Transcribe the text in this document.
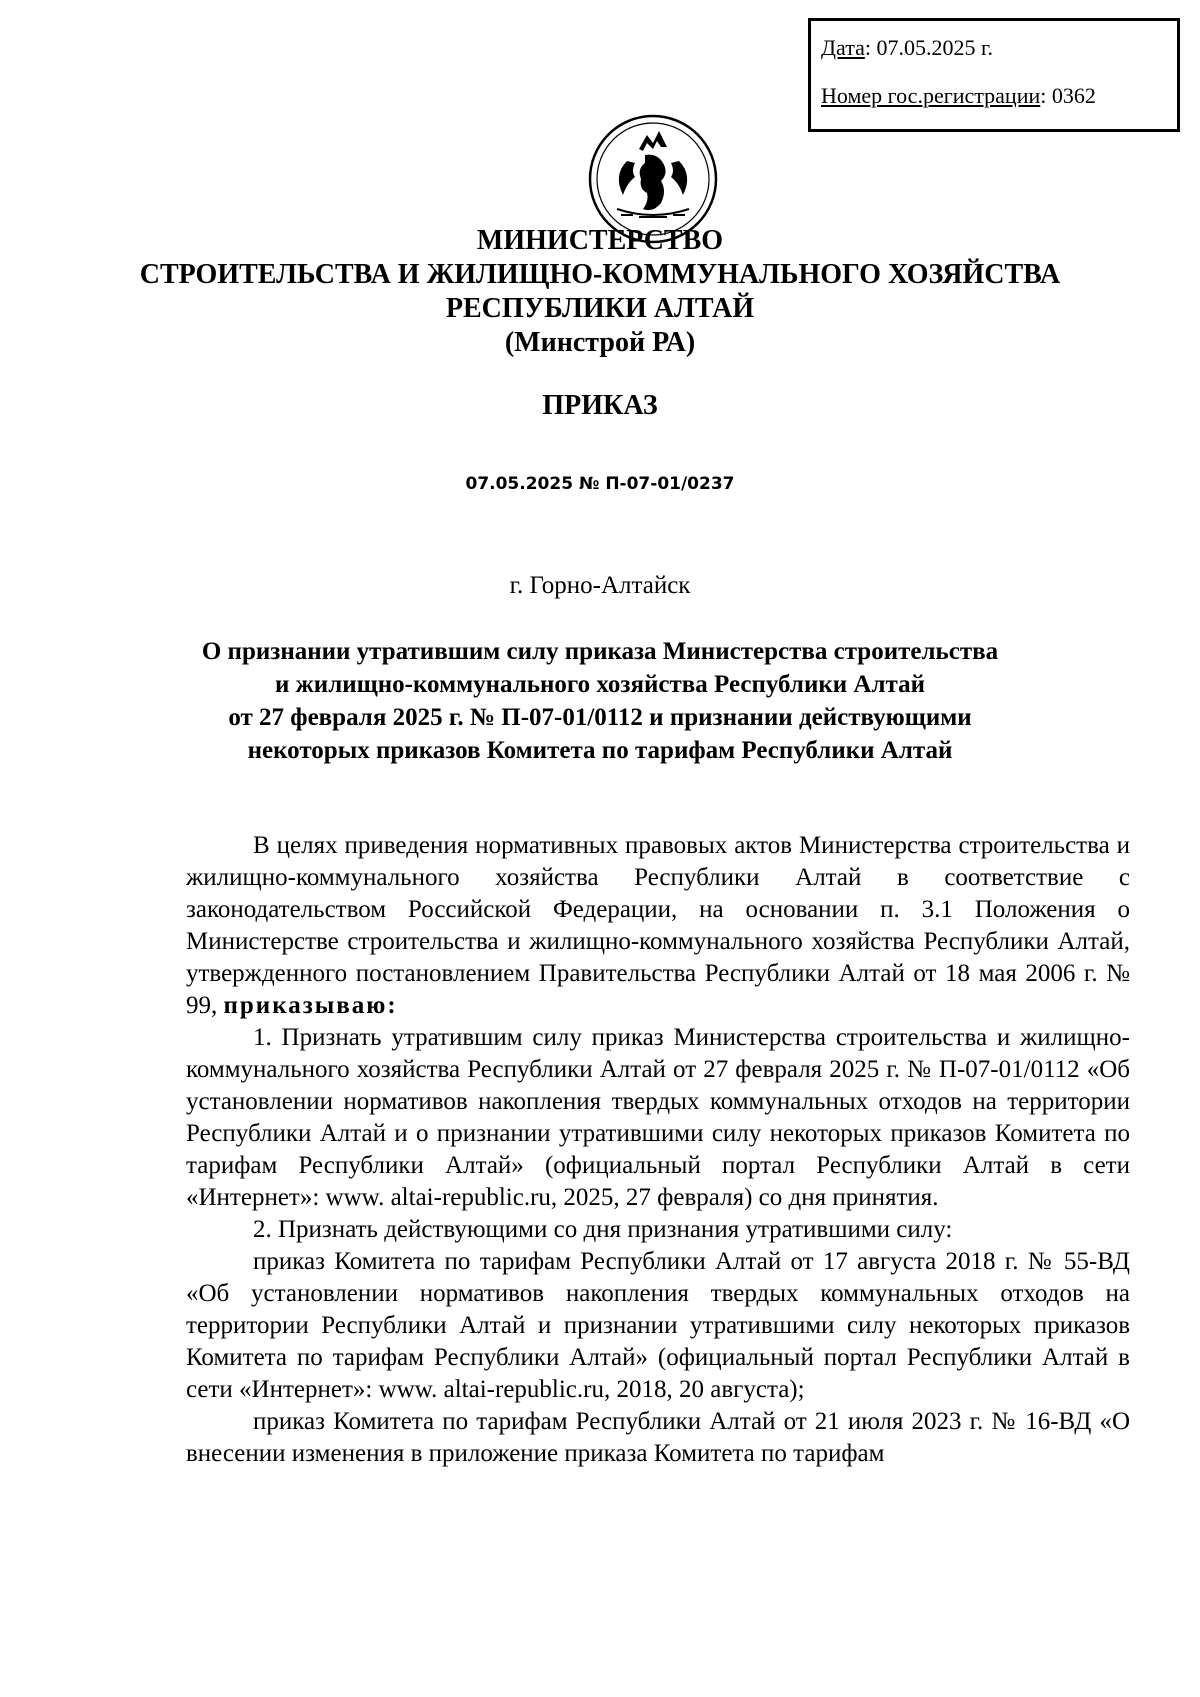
Дата: 07.05.2025 г.
Номер гос.регистрации: 0362
МИНИСТЕРСТВО
СТРОИТЕЛЬСТВА И ЖИЛИЩНО-КОММУНАЛЬНОГО ХОЗЯЙСТВА
РЕСПУБЛИКИ АЛТАЙ
(Минстрой РА)
ПРИКАЗ
07.05.2025 № П-07-01/0237
г. Горно-Алтайск
О признании утратившим силу приказа Министерства строительства
и жилищно-коммунального хозяйства Республики Алтай
от 27 февраля 2025 г. № П-07-01/0112 и признании действующими
некоторых приказов Комитета по тарифам Республики Алтай

В целях приведения нормативных правовых актов Министерства строительства и жилищно-коммунального хозяйства Республики Алтай в соответствие с законодательством Российской Федерации, на основании п. 3.1 Положения о Министерстве строительства и жилищно-коммунального хозяйства Республики Алтай, утвержденного постановлением Правительства Республики Алтай от 18 мая 2006 г. № 99, приказываю:

1. Признать утратившим силу приказ Министерства строительства и жилищно-коммунального хозяйства Республики Алтай от 27 февраля 2025 г. № П-07-01/0112 «Об установлении нормативов накопления твердых коммунальных отходов на территории Республики Алтай и о признании утратившими силу некоторых приказов Комитета по тарифам Республики Алтай» (официальный портал Республики Алтай в сети «Интернет»: www. altai-republic.ru, 2025, 27 февраля) со дня принятия.

2. Признать действующими со дня признания утратившими силу:

приказ Комитета по тарифам Республики Алтай от 17 августа 2018 г. № 55-ВД «Об установлении нормативов накопления твердых коммунальных отходов на территории Республики Алтай и признании утратившими силу некоторых приказов Комитета по тарифам Республики Алтай» (официальный портал Республики Алтай в сети «Интернет»: www. altai-republic.ru, 2018, 20 августа);

приказ Комитета по тарифам Республики Алтай от 21 июля 2023 г. № 16-ВД «О внесении изменения в приложение приказа Комитета по тарифам
